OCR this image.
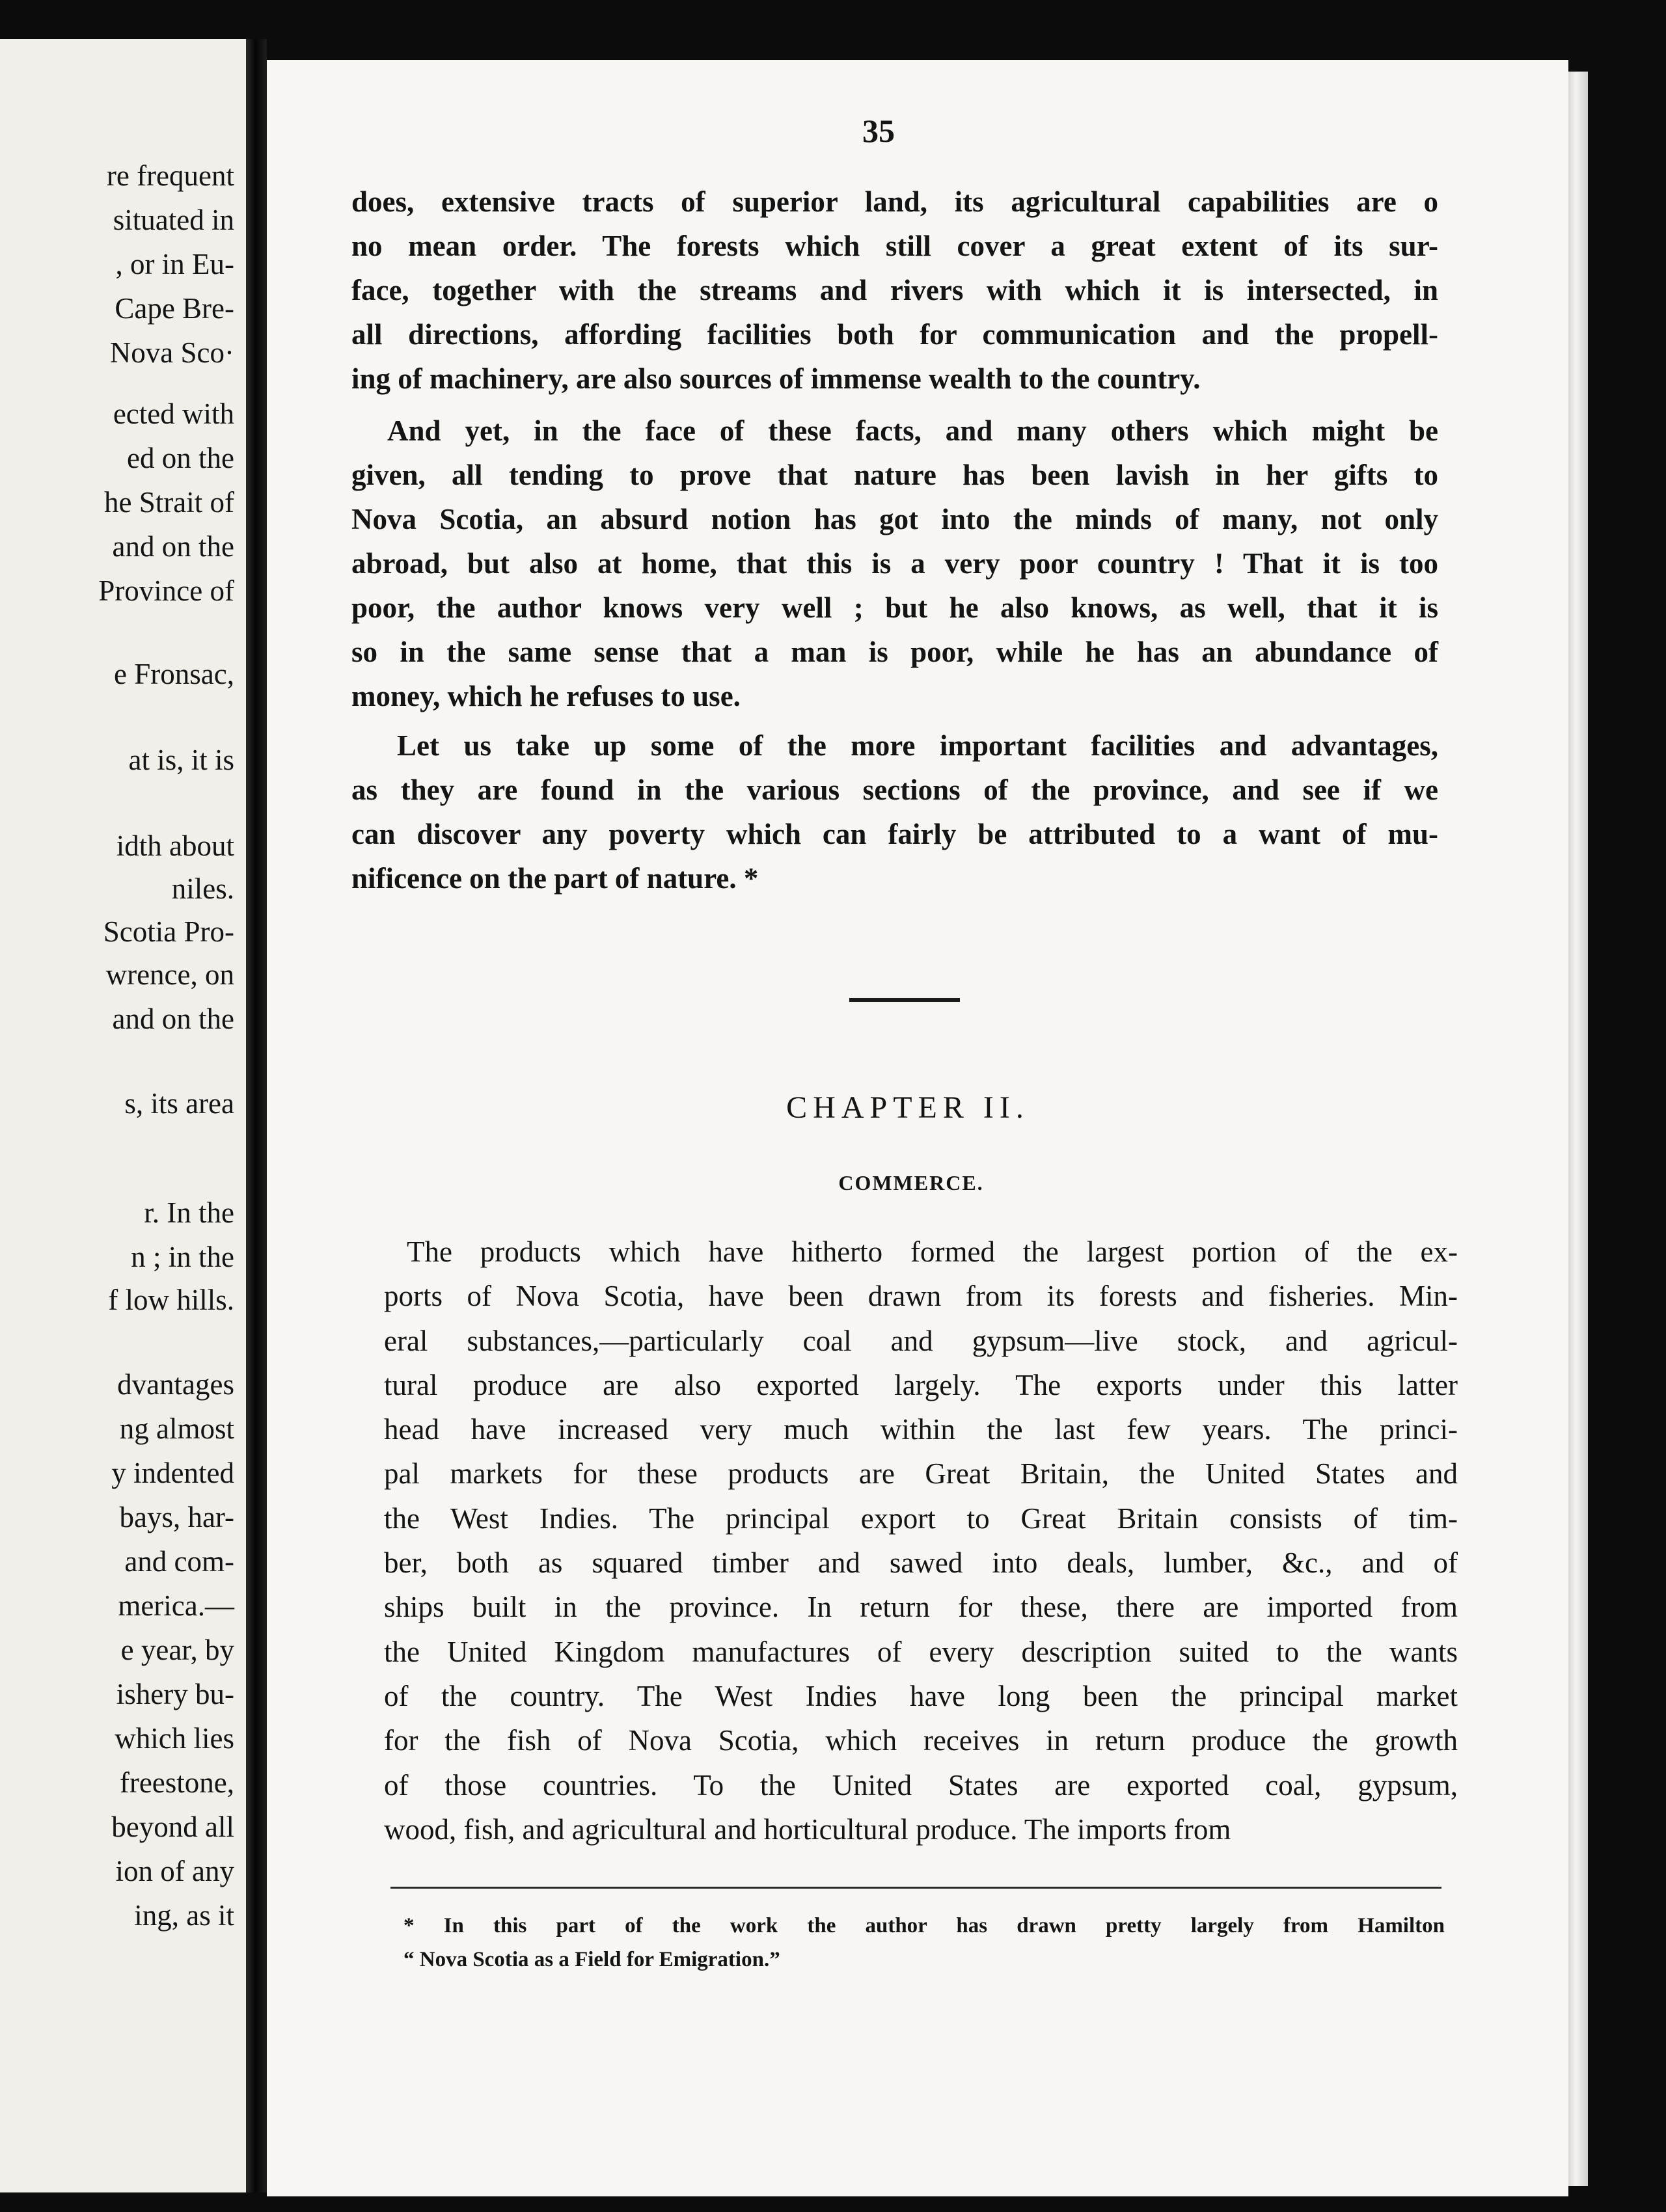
re frequent
situated in
, or in Eu-
Cape Bre-
Nova Sco·
ected with
ed on the
he Strait of
and on the
Province of
e Fronsac,
at is, it is
idth about
niles.
Scotia Pro-
wrence, on
and on the
s, its area
r. In the
n ; in the
f low hills.
dvantages
ng almost
y indented
bays, har-
and com-
merica.—
e year, by
ishery bu-
which lies
freestone,
beyond all
ion of any
ing, as it
35
does, extensive tracts of superior land, its agricultural capabilities are o
no mean order. The forests which still cover a great extent of its sur-
face, together with the streams and rivers with which it is intersected, in
all directions, affording facilities both for communication and the propell-
ing of machinery, are also sources of immense wealth to the country.
And yet, in the face of these facts, and many others which might be
given, all tending to prove that nature has been lavish in her gifts to
Nova Scotia, an absurd notion has got into the minds of many, not only
abroad, but also at home, that this is a very poor country ! That it is too
poor, the author knows very well ; but he also knows, as well, that it is
so in the same sense that a man is poor, while he has an abundance of
money, which he refuses to use.
Let us take up some of the more important facilities and advantages,
as they are found in the various sections of the province, and see if we
can discover any poverty which can fairly be attributed to a want of mu-
nificence on the part of nature. *
CHAPTER II.
COMMERCE.
The products which have hitherto formed the largest portion of the ex-
ports of Nova Scotia, have been drawn from its forests and fisheries. Min-
eral substances,—particularly coal and gypsum—live stock, and agricul-
tural produce are also exported largely. The exports under this latter
head have increased very much within the last few years. The princi-
pal markets for these products are Great Britain, the United States and
the West Indies. The principal export to Great Britain consists of tim-
ber, both as squared timber and sawed into deals, lumber, &c., and of
ships built in the province. In return for these, there are imported from
the United Kingdom manufactures of every description suited to the wants
of the country. The West Indies have long been the principal market
for the fish of Nova Scotia, which receives in return produce the growth
of those countries. To the United States are exported coal, gypsum,
wood, fish, and agricultural and horticultural produce. The imports from
* In this part of the work the author has drawn pretty largely from Hamilton
“ Nova Scotia as a Field for Emigration.”
